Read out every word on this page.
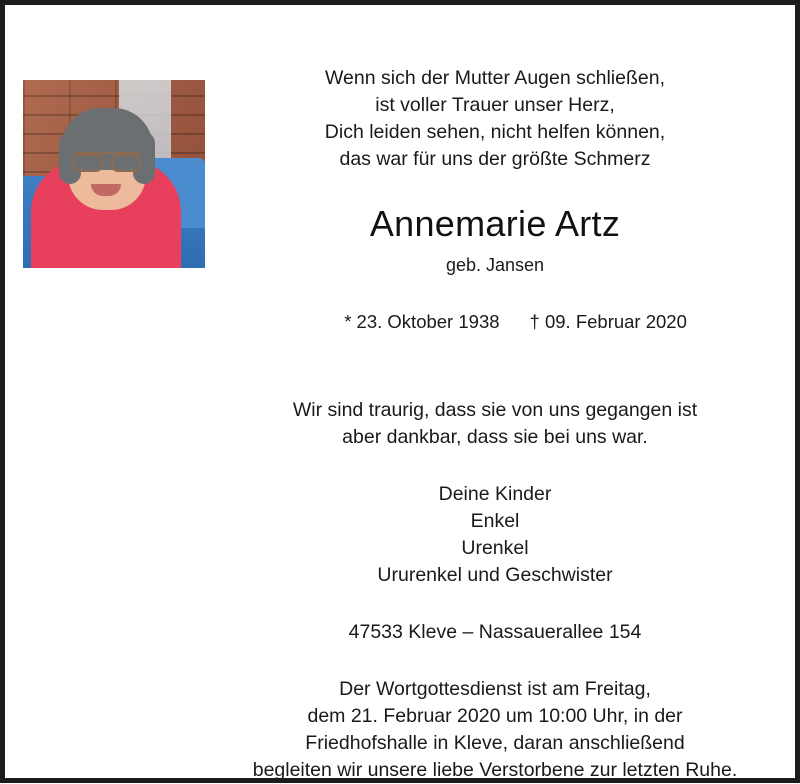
Wenn sich der Mutter Augen schließen,
ist voller Trauer unser Herz,
Dich leiden sehen, nicht helfen können,
das war für uns der größte Schmerz

Annemarie Artz
geb. Jansen

* 23. Oktober 1938 † 09. Februar 2020

Wir sind traurig, dass sie von uns gegangen ist
aber dankbar, dass sie bei uns war.

Deine Kinder
Enkel
Urenkel
Ururenkel und Geschwister

47533 Kleve – Nassauerallee 154

Der Wortgottesdienst ist am Freitag,
dem 21. Februar 2020 um 10:00 Uhr, in der
Friedhofshalle in Kleve, daran anschließend
begleiten wir unsere liebe Verstorbene zur letzten Ruhe.
